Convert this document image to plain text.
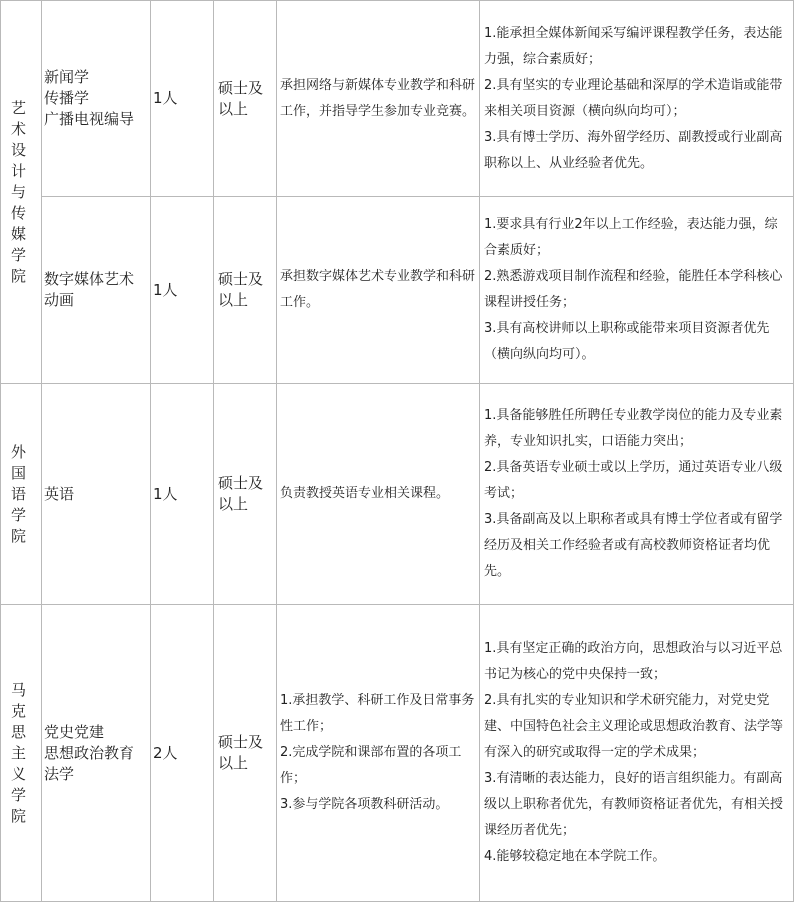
艺术设计与传媒学院	新闻学
传播学
广播电视编导	1人	硕士及以上	承担网络与新媒体专业教学和科研工作，并指导学生参加专业竞赛。	1.能承担全媒体新闻采写编评课程教学任务，表达能力强，综合素质好；
2.具有坚实的专业理论基础和深厚的学术造诣或能带来相关项目资源（横向纵向均可）；
3.具有博士学历、海外留学经历、副教授或行业副高职称以上、从业经验者优先。

	数字媒体艺术动画	1人	硕士及以上	承担数字媒体艺术专业教学和科研工作。	1.要求具有行业2年以上工作经验，表达能力强，综合素质好；
2.熟悉游戏项目制作流程和经验，能胜任本学科核心课程讲授任务；
3.具有高校讲师以上职称或能带来项目资源者优先（横向纵向均可）。

外国语学院	英语	1人	硕士及以上	负责教授英语专业相关课程。	1.具备能够胜任所聘任专业教学岗位的能力及专业素养，专业知识扎实，口语能力突出；
2.具备英语专业硕士或以上学历，通过英语专业八级考试；
3.具备副高及以上职称者或具有博士学位者或有留学经历及相关工作经验者或有高校教师资格证者均优先。

马克思主义学院	党史党建
思想政治教育
法学	2人	硕士及以上	1.承担教学、科研工作及日常事务性工作；
2.完成学院和课部布置的各项工作；
3.参与学院各项教科研活动。	1.具有坚定正确的政治方向，思想政治与以习近平总书记为核心的党中央保持一致；
2.具有扎实的专业知识和学术研究能力，对党史党建、中国特色社会主义理论或思想政治教育、法学等有深入的研究或取得一定的学术成果；
3.有清晰的表达能力，良好的语言组织能力。有副高级以上职称者优先，有教师资格证者优先，有相关授课经历者优先；
4.能够较稳定地在本学院工作。
